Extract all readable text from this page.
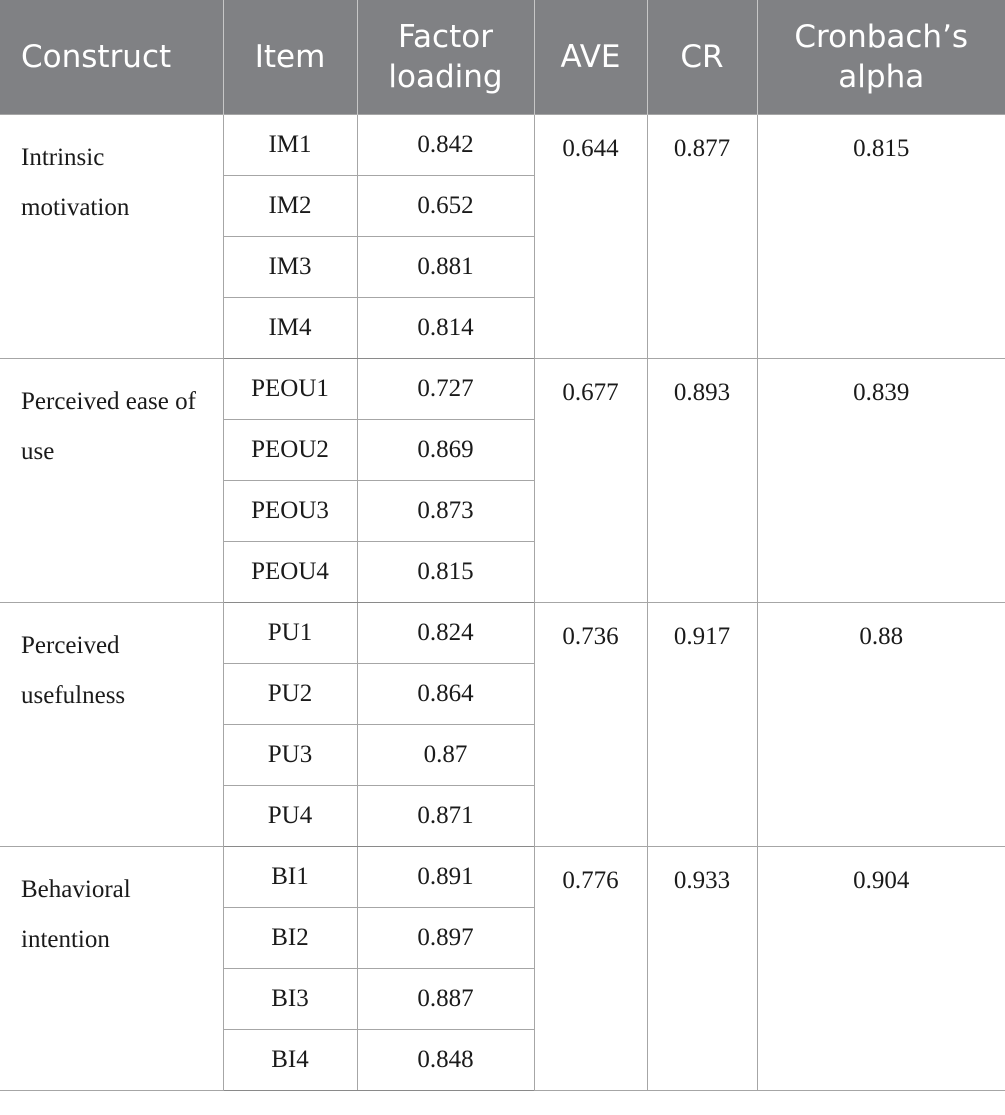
Construct	Item	Factor loading	AVE	CR	Cronbach’s alpha
Intrinsic motivation	IM1	0.842	0.644	0.877	0.815
	IM2	0.652			
	IM3	0.881			
	IM4	0.814			
Perceived ease of use	PEOU1	0.727	0.677	0.893	0.839
	PEOU2	0.869			
	PEOU3	0.873			
	PEOU4	0.815			
Perceived usefulness	PU1	0.824	0.736	0.917	0.88
	PU2	0.864			
	PU3	0.87			
	PU4	0.871			
Behavioral intention	BI1	0.891	0.776	0.933	0.904
	BI2	0.897			
	BI3	0.887			
	BI4	0.848			
